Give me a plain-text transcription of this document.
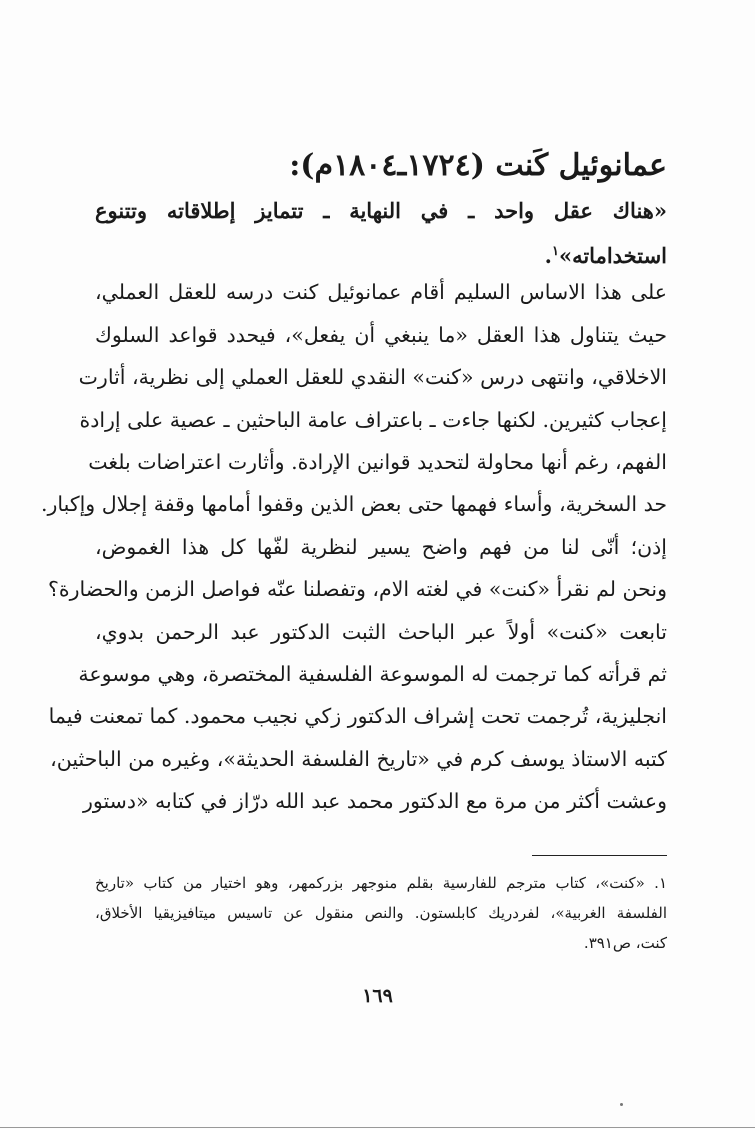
عمانوئيل كَنت (١٧٢٤ـ١٨٠٤م):
«هناك عقل واحد ـ في النهاية ـ تتمايز إطلاقاته وتتنوع
استخداماته»$^١$.
على هذا الاساس السليم أقام عمانوئيل كنت درسه للعقل العملي،
حيث يتناول هذا العقل «ما ينبغي أن يفعل»، فيحدد قواعد السلوك
الاخلاقي، وانتهى درس «كنت» النقدي للعقل العملي إلى نظرية، أثارت
إعجاب كثيرين. لكنها جاءت ـ باعتراف عامة الباحثين ـ عصية على إرادة
الفهم، رغم أنها محاولة لتحديد قوانين الإرادة. وأثارت اعتراضات بلغت
حد السخرية، وأساء فهمها حتى بعض الذين وقفوا أمامها وقفة إجلال وإكبار.
إذن؛ أنّى لنا من فهم واضح يسير لنظرية لفّها كل هذا الغموض،
ونحن لم نقرأ «كنت» في لغته الام، وتفصلنا عنّه فواصل الزمن والحضارة؟
تابعت «كنت» أولاً عبر الباحث الثبت الدكتور عبد الرحمن بدوي،
ثم قرأته كما ترجمت له الموسوعة الفلسفية المختصرة، وهي موسوعة
انجليزية، تُرجمت تحت إشراف الدكتور زكي نجيب محمود. كما تمعنت فيما
كتبه الاستاذ يوسف كرم في «تاريخ الفلسفة الحديثة»، وغيره من الباحثين،
وعشت أكثر من مرة مع الدكتور محمد عبد الله درّاز في كتابه «دستور
١. «كنت»، كتاب مترجم للفارسية بقلم منوجهر بزركمهر، وهو اختيار من كتاب «تاريخ
الفلسفة الغربية»، لفردريك كابلستون. والنص منقول عن تاسيس ميتافيزيقيا الأخلاق،
كنت، ص٣٩١.
١٦٩
